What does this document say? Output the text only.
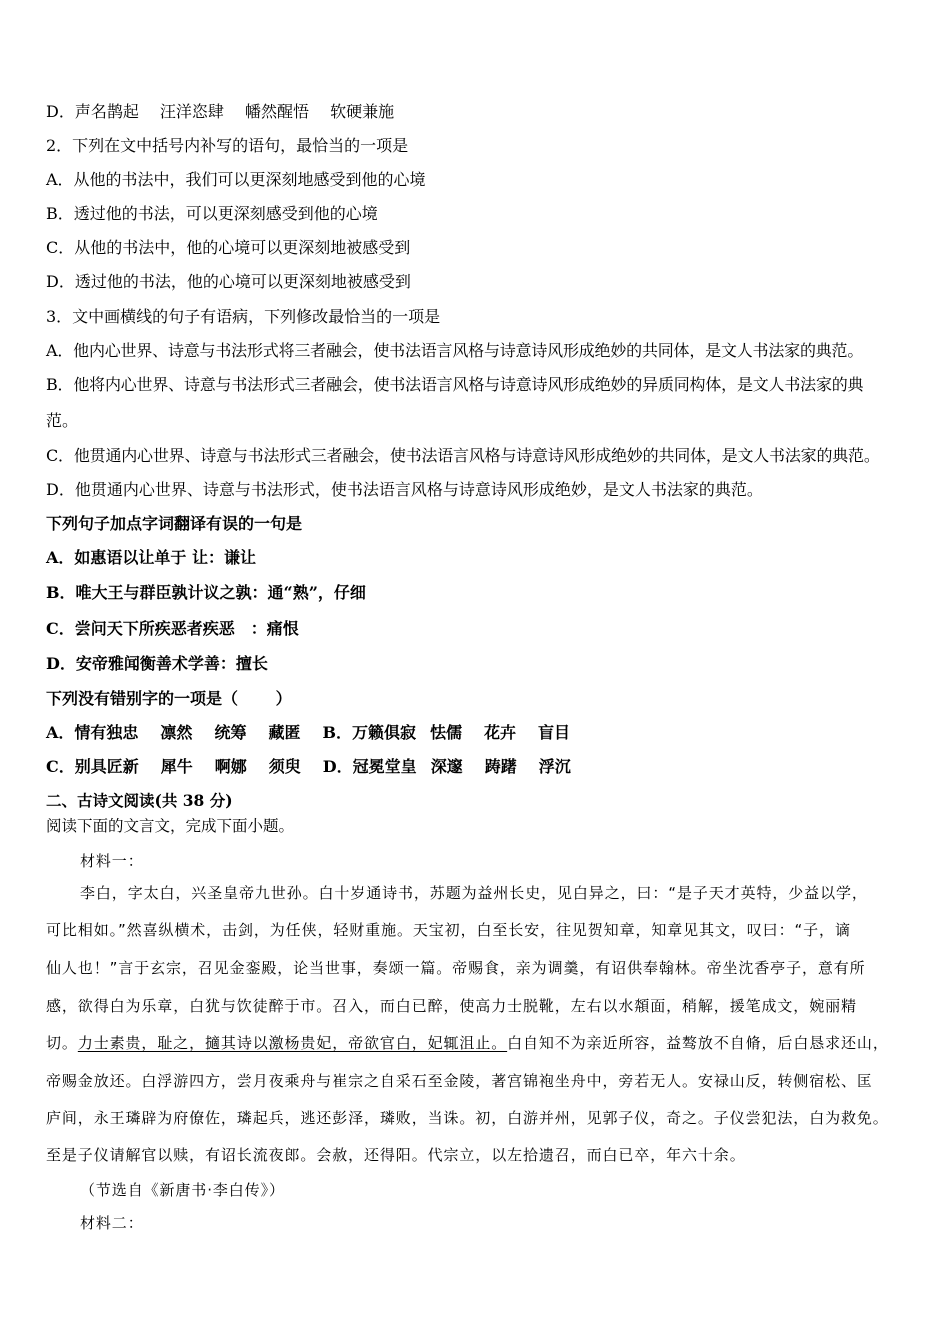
D．声名鹊起　 汪洋恣肆　 幡然醒悟　 软硬兼施
2．下列在文中括号内补写的语句，最恰当的一项是
A．从他的书法中，我们可以更深刻地感受到他的心境
B．透过他的书法，可以更深刻感受到他的心境
C．从他的书法中，他的心境可以更深刻地被感受到
D．透过他的书法，他的心境可以更深刻地被感受到
3．文中画横线的句子有语病，下列修改最恰当的一项是
A．他内心世界、诗意与书法形式将三者融会，使书法语言风格与诗意诗风形成绝妙的共同体，是文人书法家的典范。
B．他将内心世界、诗意与书法形式三者融会，使书法语言风格与诗意诗风形成绝妙的异质同构体，是文人书法家的典
范。
C．他贯通内心世界、诗意与书法形式三者融会，使书法语言风格与诗意诗风形成绝妙的共同体，是文人书法家的典范。
D．他贯通内心世界、诗意与书法形式，使书法语言风格与诗意诗风形成绝妙，是文人书法家的典范。
下列句子加点字词翻译有误的一句是
A．如惠语以让单于 让：谦让
B．唯大王与群臣孰计议之孰：通“熟”，仔细
C．尝问天下所疾恶者疾恶　：痛恨
D．安帝雅闻衡善术学善：擅长
下列没有错别字的一项是（　　 ）
A．情有独忠 凛然 统筹 藏匿 B．万籁俱寂 怯儒 花卉 盲目
C．别具匠新 犀牛 啊娜 须臾 D．冠冕堂皇 深邃 踌躇 浮沉
二、古诗文阅读(共 38 分)
阅读下面的文言文，完成下面小题。
材料一：
李白，字太白，兴圣皇帝九世孙。白十岁通诗书，苏题为益州长史，见白异之，曰：“是子天才英特，少益以学，
可比相如。”然喜纵横术，击剑，为任侠，轻财重施。天宝初，白至长安，往见贺知章，知章见其文，叹曰：“子，谪
仙人也！”言于玄宗，召见金銮殿，论当世事，奏颂一篇。帝赐食，亲为调羹，有诏供奉翰林。帝坐沈香亭子，意有所
感，欲得白为乐章，白犹与饮徒醉于市。召入，而白已醉，使高力士脱靴，左右以水頮面，稍解，援笔成文，婉丽精
切。力士素贵，耻之，擿其诗以激杨贵妃，帝欲官白，妃辄沮止。白自知不为亲近所容，益骜放不自脩，后白恳求还山，
帝赐金放还。白浮游四方，尝月夜乘舟与崔宗之自采石至金陵，著宫锦袍坐舟中，旁若无人。安禄山反，转侧宿松、匡
庐间，永王璘辟为府僚佐，璘起兵，逃还彭泽，璘败，当诛。初，白游并州，见郭子仪，奇之。子仪尝犯法，白为救免。
至是子仪请解官以赎，有诏长流夜郎。会赦，还得阳。代宗立，以左拾遗召，而白已卒，年六十余。
（节选自《新唐书·李白传》）
材料二：
